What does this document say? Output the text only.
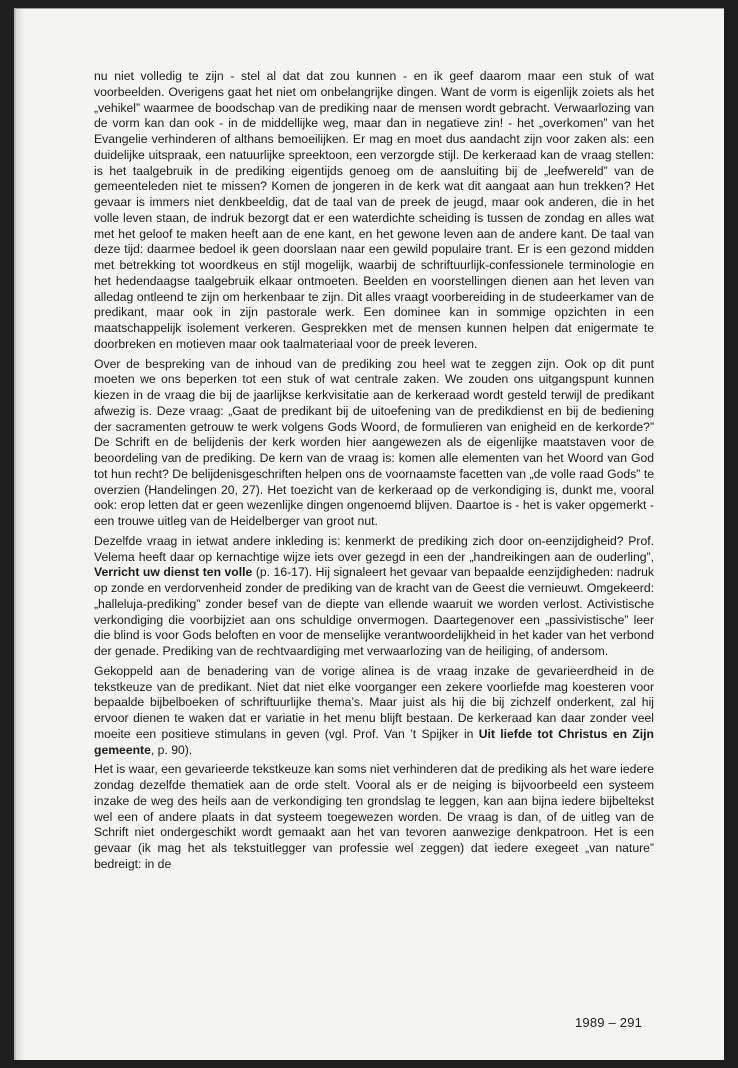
nu niet volledig te zijn - stel al dat dat zou kunnen - en ik geef daarom maar een stuk of wat voorbeelden. Overigens gaat het niet om onbelangrijke dingen. Want de vorm is eigenlijk zoiets als het „vehikel” waarmee de boodschap van de prediking naar de mensen wordt gebracht. Verwaarlozing van de vorm kan dan ook - in de middellijke weg, maar dan in negatieve zin! - het „overkomen” van het Evangelie verhinderen of althans bemoeilijken. Er mag en moet dus aandacht zijn voor zaken als: een duidelijke uitspraak, een natuurlijke spreektoon, een verzorgde stijl. De kerkeraad kan de vraag stellen: is het taalgebruik in de prediking eigentijds genoeg om de aansluiting bij de „leefwereld” van de gemeenteleden niet te missen? Komen de jongeren in de kerk wat dit aangaat aan hun trekken? Het gevaar is immers niet denkbeeldig, dat de taal van de preek de jeugd, maar ook anderen, die in het volle leven staan, de indruk bezorgt dat er een waterdichte scheiding is tussen de zondag en alles wat met het geloof te maken heeft aan de ene kant, en het gewone leven aan de andere kant. De taal van deze tijd: daarmee bedoel ik geen doorslaan naar een gewild populaire trant. Er is een gezond midden met betrekking tot woordkeus en stijl mogelijk, waarbij de schriftuurlijk-confessionele terminologie en het hedendaagse taalgebruik elkaar ontmoeten. Beelden en voorstellingen dienen aan het leven van alledag ontleend te zijn om herkenbaar te zijn. Dit alles vraagt voorbereiding in de studeerkamer van de predikant, maar ook in zijn pastorale werk. Een dominee kan in sommige opzichten in een maatschappelijk isolement verkeren. Gesprekken met de mensen kunnen helpen dat enigermate te doorbreken en motieven maar ook taalmateriaal voor de preek leveren.

Over de bespreking van de inhoud van de prediking zou heel wat te zeggen zijn. Ook op dit punt moeten we ons beperken tot een stuk of wat centrale zaken. We zouden ons uitgangspunt kunnen kiezen in de vraag die bij de jaarlijkse kerkvisitatie aan de kerkeraad wordt gesteld terwijl de predikant afwezig is. Deze vraag: „Gaat de predikant bij de uitoefening van de predikdienst en bij de bediening der sacramenten getrouw te werk volgens Gods Woord, de formulieren van enigheid en de kerkorde?” De Schrift en de belijdenis der kerk worden hier aangewezen als de eigenlijke maatstaven voor de beoordeling van de prediking. De kern van de vraag is: komen alle elementen van het Woord van God tot hun recht? De belijdenisgeschriften helpen ons de voornaamste facetten van „de volle raad Gods” te overzien (Handelingen 20, 27). Het toezicht van de kerkeraad op de verkondiging is, dunkt me, vooral ook: erop letten dat er geen wezenlijke dingen ongenoemd blijven. Daartoe is - het is vaker opgemerkt - een trouwe uitleg van de Heidelberger van groot nut.

Dezelfde vraag in ietwat andere inkleding is: kenmerkt de prediking zich door on-eenzijdigheid? Prof. Velema heeft daar op kernachtige wijze iets over gezegd in een der „handreikingen aan de ouderling”, Verricht uw dienst ten volle (p. 16-17). Hij signaleert het gevaar van bepaalde eenzijdigheden: nadruk op zonde en verdorvenheid zonder de prediking van de kracht van de Geest die vernieuwt. Omgekeerd: „halleluja-prediking” zonder besef van de diepte van ellende waaruit we worden verlost. Activistische verkondiging die voorbijziet aan ons schuldige onvermogen. Daartegenover een „passivistische” leer die blind is voor Gods beloften en voor de menselijke verantwoordelijkheid in het kader van het verbond der genade. Prediking van de rechtvaardiging met verwaarlozing van de heiliging, of andersom.

Gekoppeld aan de benadering van de vorige alinea is de vraag inzake de gevarieerdheid in de tekstkeuze van de predikant. Niet dat niet elke voorganger een zekere voorliefde mag koesteren voor bepaalde bijbelboeken of schriftuurlijke thema’s. Maar juist als hij die bij zichzelf onderkent, zal hij ervoor dienen te waken dat er variatie in het menu blijft bestaan. De kerkeraad kan daar zonder veel moeite een positieve stimulans in geven (vgl. Prof. Van ’t Spijker in Uit liefde tot Christus en Zijn gemeente, p. 90).

Het is waar, een gevarieerde tekstkeuze kan soms niet verhinderen dat de prediking als het ware iedere zondag dezelfde thematiek aan de orde stelt. Vooral als er de neiging is bijvoorbeeld een systeem inzake de weg des heils aan de verkondiging ten grondslag te leggen, kan aan bijna iedere bijbeltekst wel een of andere plaats in dat systeem toegewezen worden. De vraag is dan, of de uitleg van de Schrift niet ondergeschikt wordt gemaakt aan het van tevoren aanwezige denkpatroon. Het is een gevaar (ik mag het als tekstuitlegger van professie wel zeggen) dat iedere exegeet „van nature” bedreigt: in de

1989 – 291
